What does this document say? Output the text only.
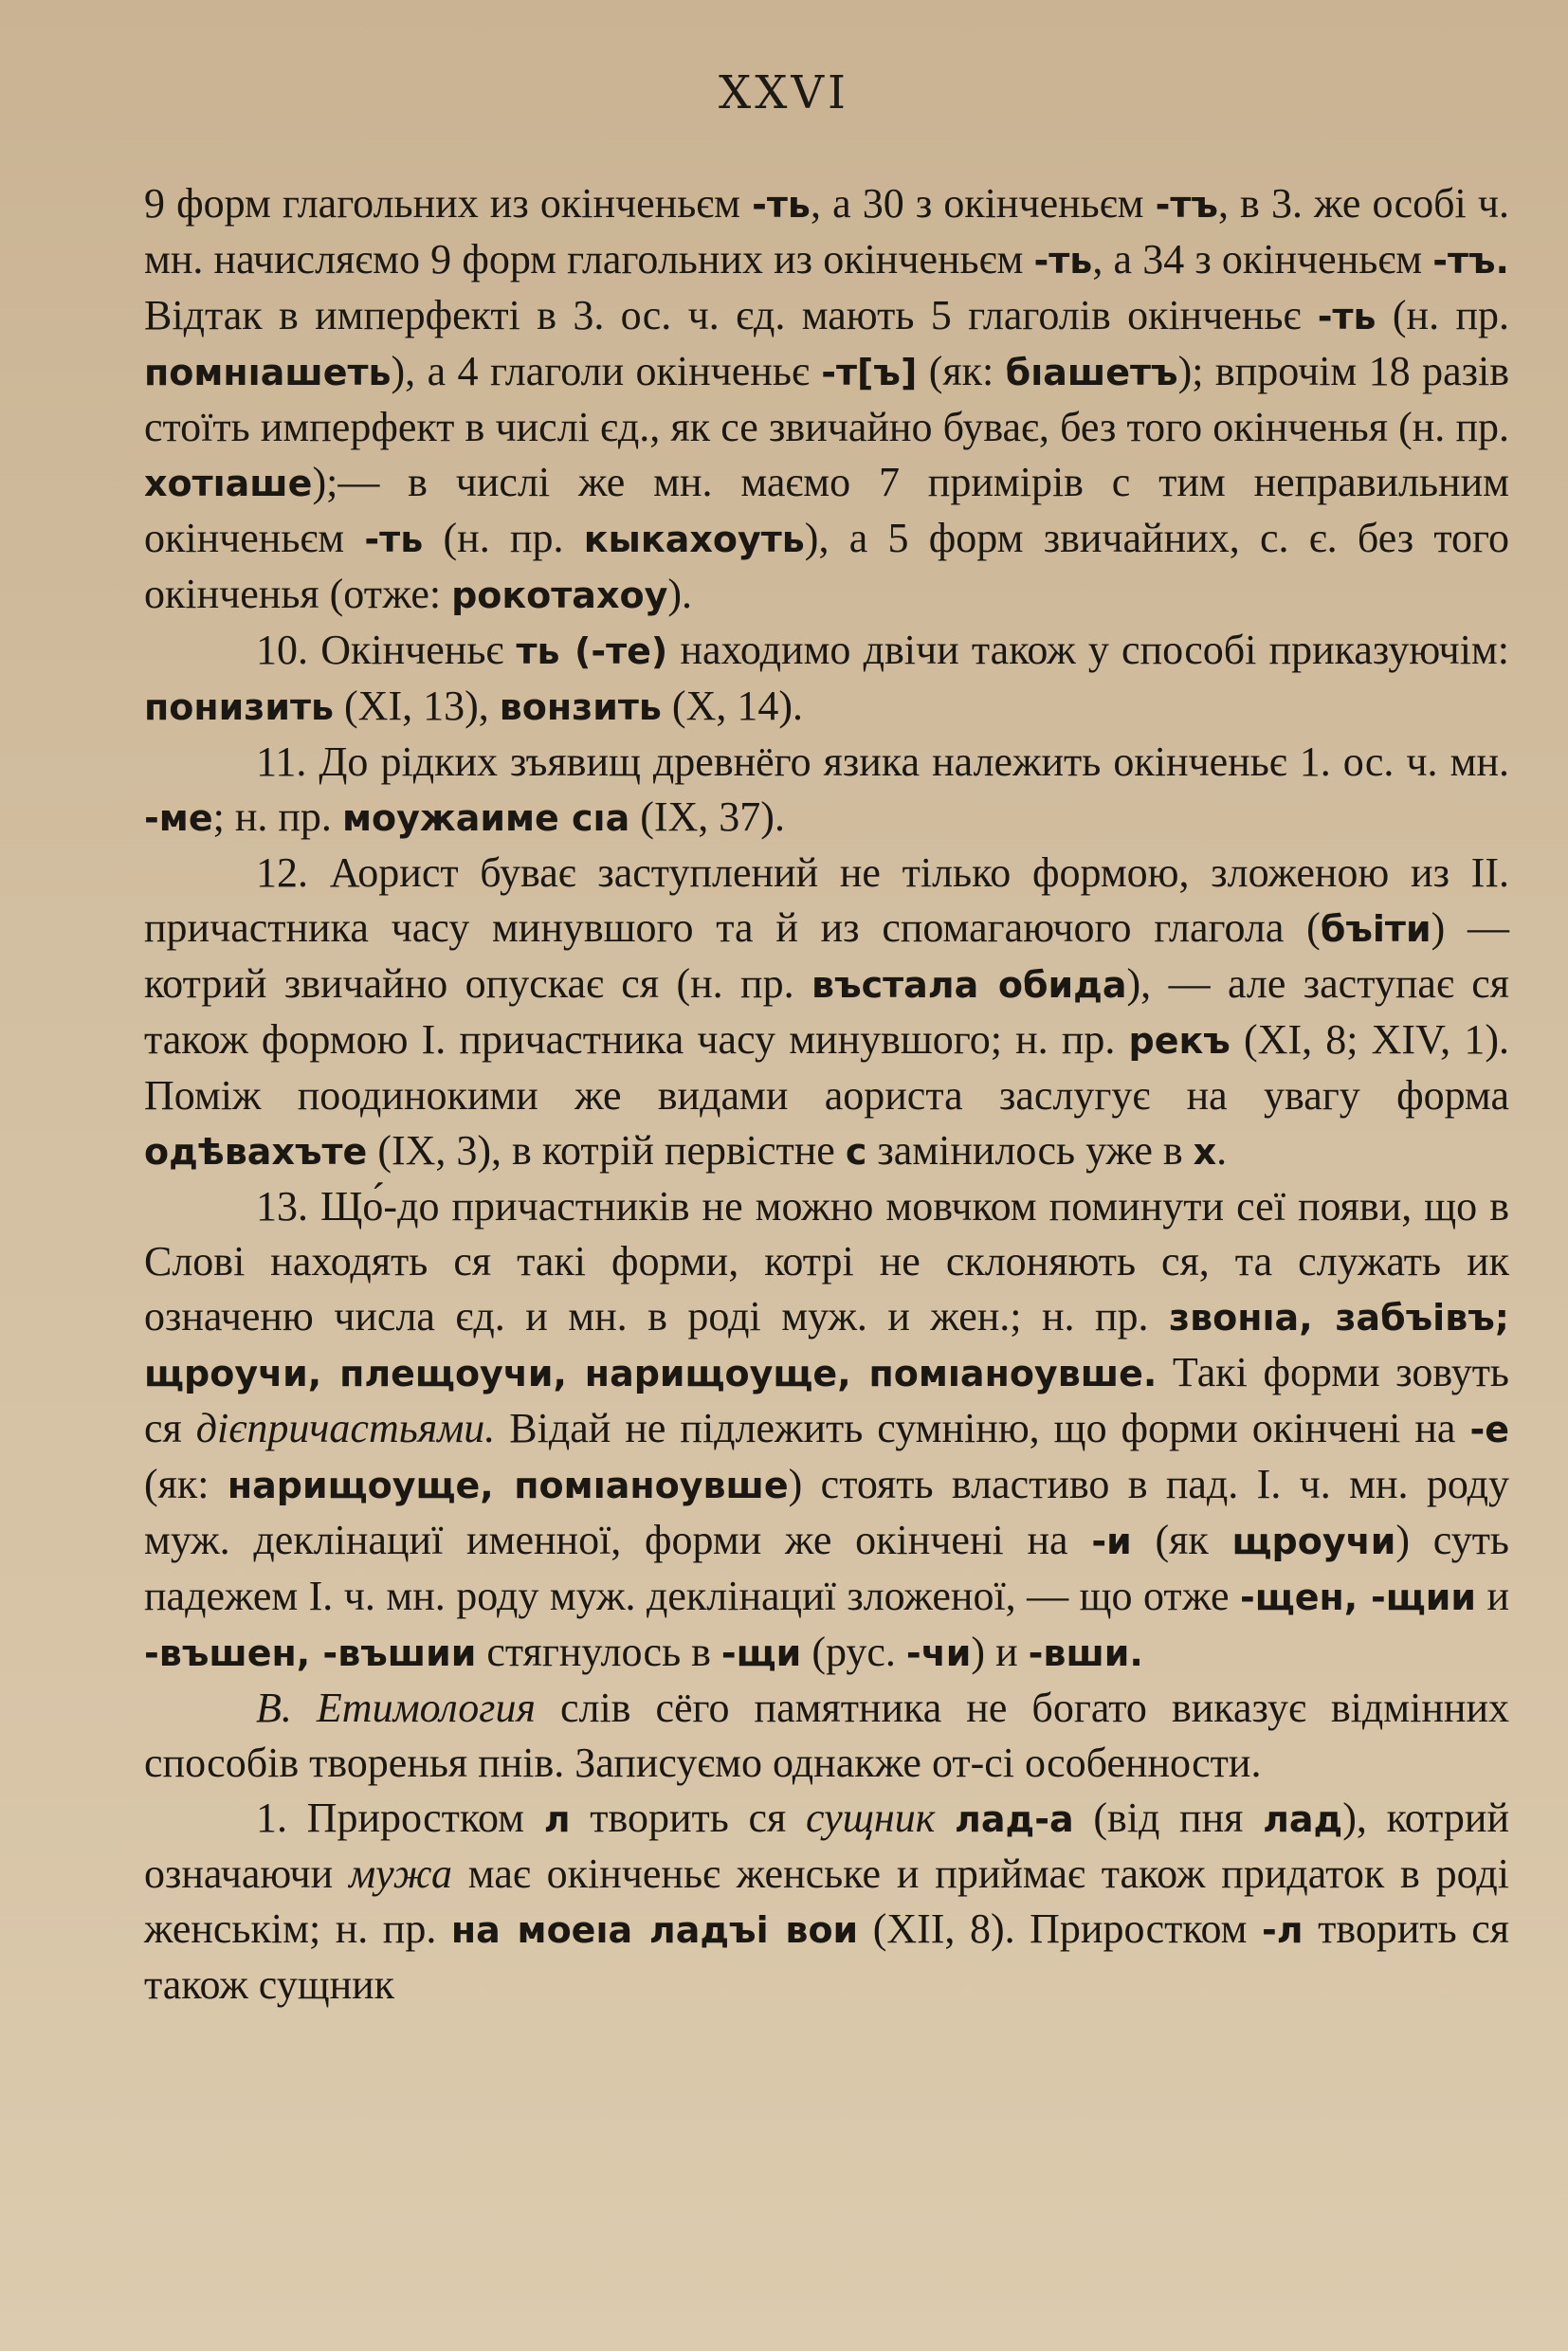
XXVI

9 форм глагольних из окінченьєм -ть, а 30 з окінченьєм -тъ, в 3. же особі ч. мн. начисляємо 9 форм глагольних из окінченьєм -ть, а 34 з окінченьєм -тъ. Відтак в имперфекті в 3. ос. ч. єд. мають 5 глаголів окінченьє -ть (н. пр. помнıашеть), а 4 глаголи окінченьє -т[ъ] (як: бıашетъ); впрочім 18 разів стоїть имперфект в числі єд., як се звичайно буває, без того окінченья (н. пр. хотıаше);— в числі же мн. маємо 7 примірів с тим неправильним окінченьєм -ть (н. пр. кыкахоуть), а 5 форм звичайних, с. є. без того окінченья (отже: рокотахоу).

10. Окінченьє ть (-те) находимо двічи також у способі приказуючім: понизить (XI, 13), вонзить (X, 14).

11. До рідких зъявищ древнёго язика належить окінченьє 1. ос. ч. мн. -ме; н. пр. моужаиме сıа (IX, 37).

12. Аорист буває заступлений не тілько формою, зложеною из II. причастника часу минувшого та й из спомагаючого глагола (бъіти) — котрий звичайно опускає ся (н. пр. въстала обида), — але заступає ся також формою I. причастника часу минувшого; н. пр. рекъ (XI, 8; XIV, 1). Поміж поодинокими же видами аориста заслугує на увагу форма одѣвахъте (IX, 3), в котрій первістне с замінилось уже в х.

13. Що́-до причастників не можно мовчком поминути сеї появи, що в Слові находять ся такі форми, котрі не склоняють ся, та служать ик означеню числа єд. и мн. в роді муж. и жен.; н. пр. звонıа, забъівъ; щроучи, плещоучи, нарищоуще, помıаноувше. Такі форми зовуть ся дієпричастьями. Відай не підлежить сумніню, що форми окінчені на -е (як: нарищоуще, помıаноувше) стоять властиво в пад. I. ч. мн. роду муж. деклінациї именної, форми же окінчені на -и (як щроучи) суть падежем I. ч. мн. роду муж. деклінациї зложеної, — що отже -щен, -щии и -въшен, -въшии стягнулось в -щи (рус. -чи) и -вши.

В. Етимология слів сёго памятника не богато виказує відмінних способів творенья пнів. Записуємо однакже от-сі особенности.

1. Приростком л творить ся сущник лад-а (від пня лад), котрий означаючи мужа має окінченьє женське и приймає також придаток в роді женськім; н. пр. на моеıа ладъі вои (XII, 8). Приростком -л творить ся також сущник
